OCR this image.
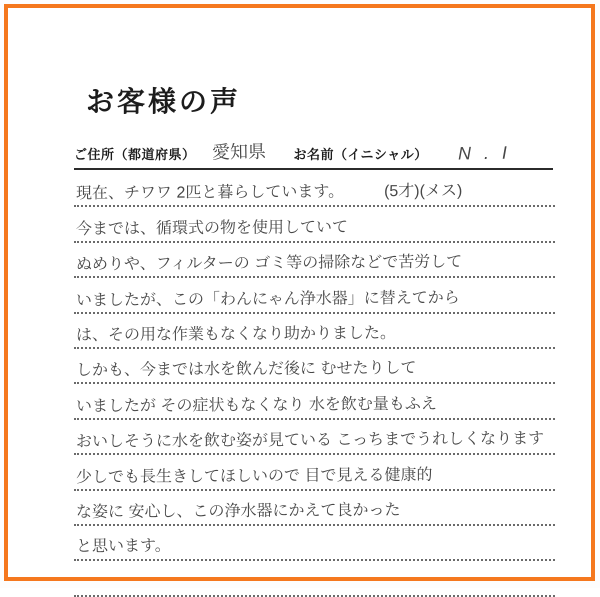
お客様の声
ご住所（都道府県） 愛知県 お名前（イニシャル） N . I
現在、チワワ 2匹と暮らしています。　　　(5才)(メス)
今までは、循環式の物を使用していて
ぬめりや、フィルターの ゴミ等の掃除などで苦労して
いましたが、この「わんにゃん浄水器」に替えてから
は、その用な作業もなくなり助かりました。
しかも、今までは水を飲んだ後に むせたりして
いましたが その症状もなくなり 水を飲む量もふえ
おいしそうに水を飲む姿が見ている こっちまでうれしくなります
少しでも長生きしてほしいので 目で見える健康的
な姿に 安心し、この浄水器にかえて良かった
と思います。
